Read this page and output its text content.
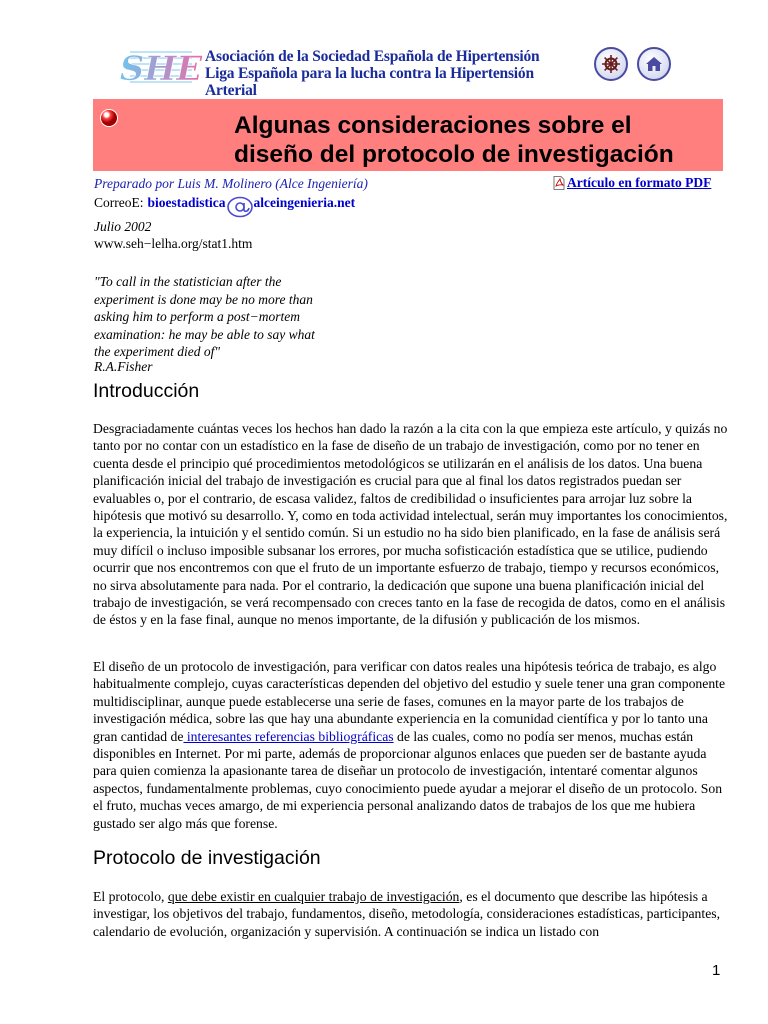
SHE Asociación de la Sociedad Española de Hipertensión
Liga Española para la lucha contra la Hipertensión Arterial
Algunas consideraciones sobre el
diseño del protocolo de investigación
Preparado por Luis M. Molinero (Alce Ingeniería)	Artículo en formato PDF
CorreoE: bioestadistica alceingenieria.net
Julio 2002
www.seh−lelha.org/stat1.htm

"To call in the statistician after the
experiment is done may be no more than
asking him to perform a post−mortem
examination: he may be able to say what
the experiment died of"

R.A.Fisher
Introducción

Desgraciadamente cuántas veces los hechos han dado la razón a la cita con la que empieza este artículo, y quizás no tanto por no contar con un estadístico en la fase de diseño de un trabajo de investigación, como por no tener en cuenta desde el principio qué procedimientos metodológicos se utilizarán en el análisis de los datos. Una buena planificación inicial del trabajo de investigación es crucial para que al final los datos registrados puedan ser evaluables o, por el contrario, de escasa validez, faltos de credibilidad o insuficientes para arrojar luz sobre la hipótesis que motivó su desarrollo. Y, como en toda actividad intelectual, serán muy importantes los conocimientos, la experiencia, la intuición y el sentido común. Si un estudio no ha sido bien planificado, en la fase de análisis será muy difícil o incluso imposible subsanar los errores, por mucha sofisticación estadística que se utilice, pudiendo ocurrir que nos encontremos con que el fruto de un importante esfuerzo de trabajo, tiempo y recursos económicos, no sirva absolutamente para nada. Por el contrario, la dedicación que supone una buena planificación inicial del trabajo de investigación, se verá recompensado con creces tanto en la fase de recogida de datos, como en el análisis de éstos y en la fase final, aunque no menos importante, de la difusión y publicación de los mismos.

El diseño de un protocolo de investigación, para verificar con datos reales una hipótesis teórica de trabajo, es algo habitualmente complejo, cuyas características dependen del objetivo del estudio y suele tener una gran componente multidisciplinar, aunque puede establecerse una serie de fases, comunes en la mayor parte de los trabajos de investigación médica, sobre las que hay una abundante experiencia en la comunidad científica y por lo tanto una gran cantidad de interesantes referencias bibliográficas de las cuales, como no podía ser menos, muchas están disponibles en Internet. Por mi parte, además de proporcionar algunos enlaces que pueden ser de bastante ayuda para quien comienza la apasionante tarea de diseñar un protocolo de investigación, intentaré comentar algunos aspectos, fundamentalmente problemas, cuyo conocimiento puede ayudar a mejorar el diseño de un protocolo. Son el fruto, muchas veces amargo, de mi experiencia personal analizando datos de trabajos de los que me hubiera gustado ser algo más que forense.

Protocolo de investigación

El protocolo, que debe existir en cualquier trabajo de investigación, es el documento que describe las hipótesis a investigar, los objetivos del trabajo, fundamentos, diseño, metodología, consideraciones estadísticas, participantes, calendario de evolución, organización y supervisión. A continuación se indica un listado con

1
